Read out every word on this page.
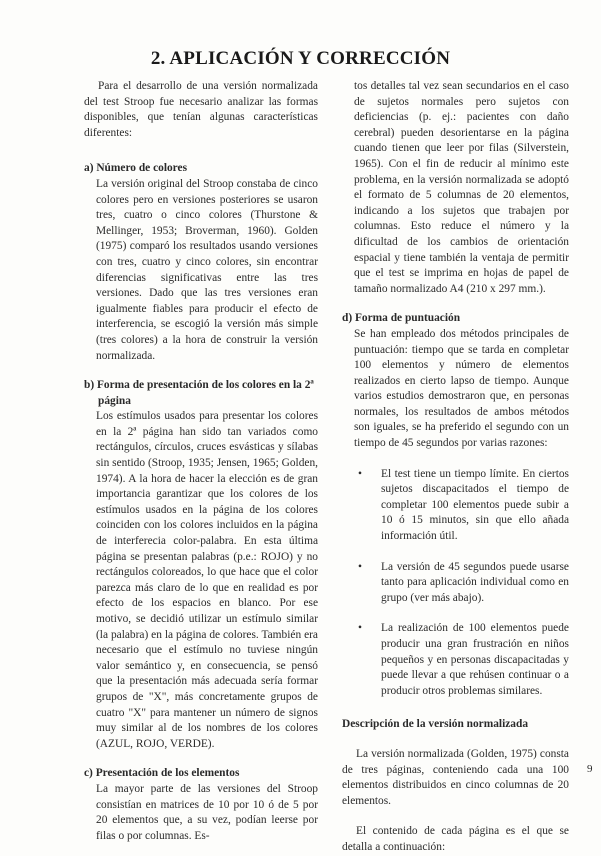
2. APLICACIÓN Y CORRECCIÓN

Para el desarrollo de una versión normalizada del test Stroop fue necesario analizar las formas disponibles, que tenían algunas características diferentes:

a) Número de colores

La versión original del Stroop constaba de cinco colores pero en versiones posteriores se usaron tres, cuatro o cinco colores (Thurstone & Mellinger, 1953; Broverman, 1960). Golden (1975) comparó los resultados usando versiones con tres, cuatro y cinco colores, sin encontrar diferencias significativas entre las tres versiones. Dado que las tres versiones eran igualmente fiables para producir el efecto de interferencia, se escogió la versión más simple (tres colores) a la hora de construir la versión normalizada.

b) Forma de presentación de los colores en la 2ª página

Los estímulos usados para presentar los colores en la 2ª página han sido tan variados como rectángulos, círculos, cruces esvásticas y sílabas sin sentido (Stroop, 1935; Jensen, 1965; Golden, 1974). A la hora de hacer la elección es de gran importancia garantizar que los colores de los estímulos usados en la página de los colores coinciden con los colores incluidos en la página de interferecia color-palabra. En esta última página se presentan palabras (p.e.: ROJO) y no rectángulos coloreados, lo que hace que el color parezca más claro de lo que en realidad es por efecto de los espacios en blanco. Por ese motivo, se decidió utilizar un estímulo similar (la palabra) en la página de colores. También era necesario que el estímulo no tuviese ningún valor semántico y, en consecuencia, se pensó que la presentación más adecuada sería formar grupos de "X", más concretamente grupos de cuatro "X" para mantener un número de signos muy similar al de los nombres de los colores (AZUL, ROJO, VERDE).

c) Presentación de los elementos

La mayor parte de las versiones del Stroop consistían en matrices de 10 por 10 ó de 5 por 20 elementos que, a su vez, podían leerse por filas o por columnas. Es-

tos detalles tal vez sean secundarios en el caso de sujetos normales pero sujetos con deficiencias (p. ej.: pacientes con daño cerebral) pueden desorientarse en la página cuando tienen que leer por filas (Silverstein, 1965). Con el fin de reducir al mínimo este problema, en la versión normalizada se adoptó el formato de 5 columnas de 20 elementos, indicando a los sujetos que trabajen por columnas. Esto reduce el número y la dificultad de los cambios de orientación espacial y tiene también la ventaja de permitir que el test se imprima en hojas de papel de tamaño normalizado A4 (210 x 297 mm.).

d) Forma de puntuación

Se han empleado dos métodos principales de puntuación: tiempo que se tarda en completar 100 elementos y número de elementos realizados en cierto lapso de tiempo. Aunque varios estudios demostraron que, en personas normales, los resultados de ambos métodos son iguales, se ha preferido el segundo con un tiempo de 45 segundos por varias razones:

• El test tiene un tiempo límite. En ciertos sujetos discapacitados el tiempo de completar 100 elementos puede subir a 10 ó 15 minutos, sin que ello añada información útil.
• La versión de 45 segundos puede usarse tanto para aplicación individual como en grupo (ver más abajo).
• La realización de 100 elementos puede producir una gran frustración en niños pequeños y en personas discapacitadas y puede llevar a que rehúsen continuar o a producir otros problemas similares.
Descripción de la versión normalizada

La versión normalizada (Golden, 1975) consta de tres páginas, conteniendo cada una 100 elementos distribuidos en cinco columnas de 20 elementos.

El contenido de cada página es el que se detalla a continuación:

9
